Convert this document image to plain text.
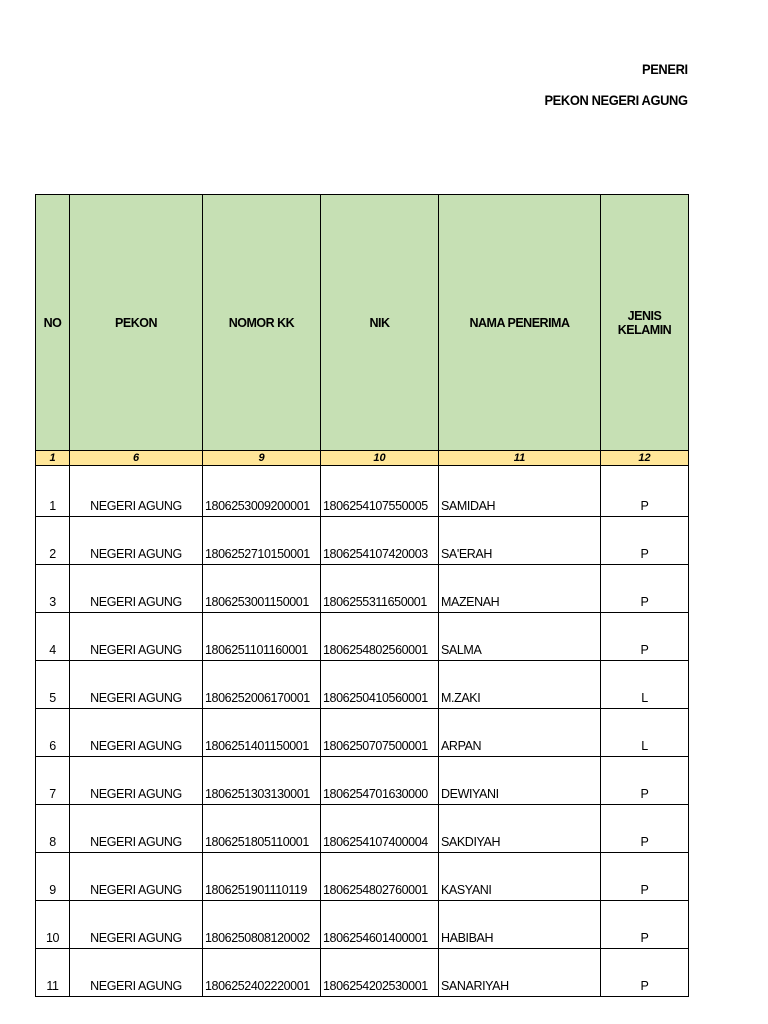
PENERI
PEKON NEGERI AGUNG
NO	PEKON	NOMOR KK	NIK	NAMA PENERIMA	JENIS KELAMIN
1	6	9	10	11	12
1	NEGERI AGUNG	1806253009200001	1806254107550005	SAMIDAH	P
2	NEGERI AGUNG	1806252710150001	1806254107420003	SA'ERAH	P
3	NEGERI AGUNG	1806253001150001	1806255311650001	MAZENAH	P
4	NEGERI AGUNG	1806251101160001	1806254802560001	SALMA	P
5	NEGERI AGUNG	1806252006170001	1806250410560001	M.ZAKI	L
6	NEGERI AGUNG	1806251401150001	1806250707500001	ARPAN	L
7	NEGERI AGUNG	1806251303130001	1806254701630000	DEWIYANI	P
8	NEGERI AGUNG	1806251805110001	1806254107400004	SAKDIYAH	P
9	NEGERI AGUNG	1806251901110119	1806254802760001	KASYANI	P
10	NEGERI AGUNG	1806250808120002	1806254601400001	HABIBAH	P
11	NEGERI AGUNG	1806252402220001	1806254202530001	SANARIYAH	P
